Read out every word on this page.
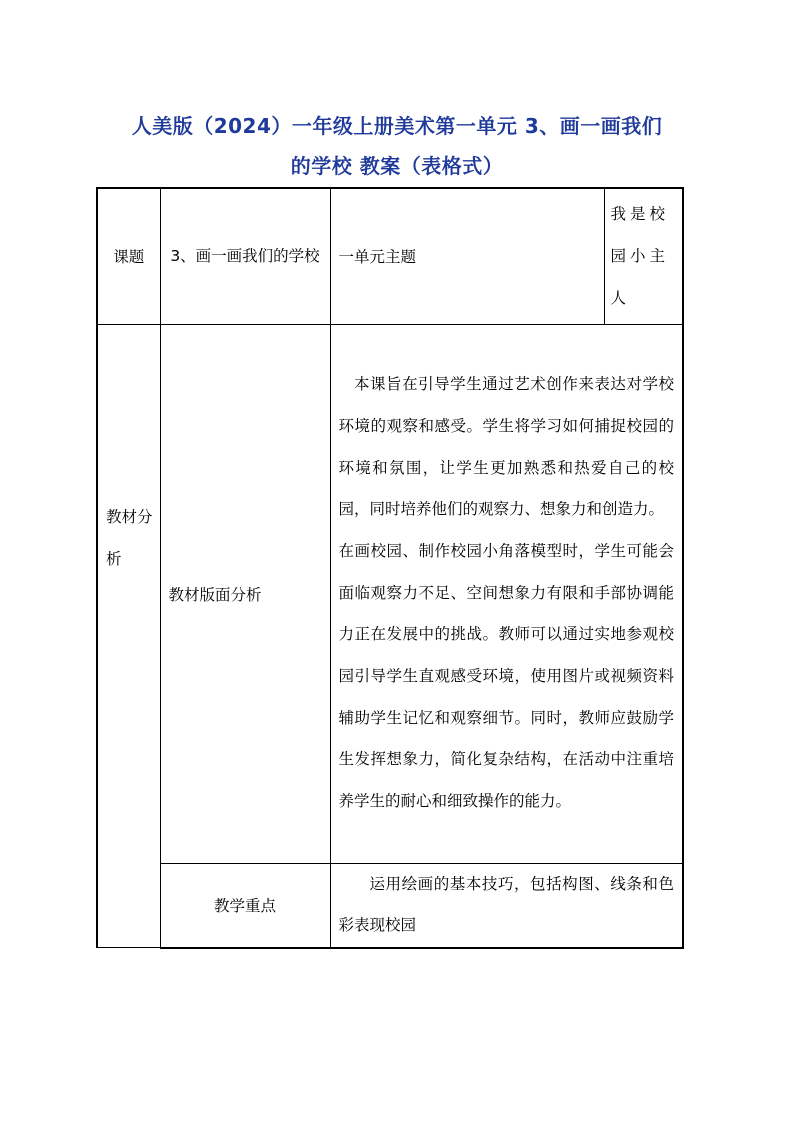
人美版（2024）一年级上册美术第一单元 3、画一画我们
的学校 教案（表格式）
课题	3、画一画我们的学校	一单元主题	我是校园小主人

教材分析	教材版面分析	本课旨在引导学生通过艺术创作来表达对学校环境的观察和感受。学生将学习如何捕捉校园的环境和氛围，让学生更加熟悉和热爱自己的校园，同时培养他们的观察力、想象力和创造力。

在画校园、制作校园小角落模型时，学生可能会面临观察力不足、空间想象力有限和手部协调能力正在发展中的挑战。教师可以通过实地参观校园引导学生直观感受环境，使用图片或视频资料辅助学生记忆和观察细节。同时，教师应鼓励学生发挥想象力，简化复杂结构，在活动中注重培养学生的耐心和细致操作的能力。	

	教学重点	运用绘画的基本技巧，包括构图、线条和色彩表现校园	
